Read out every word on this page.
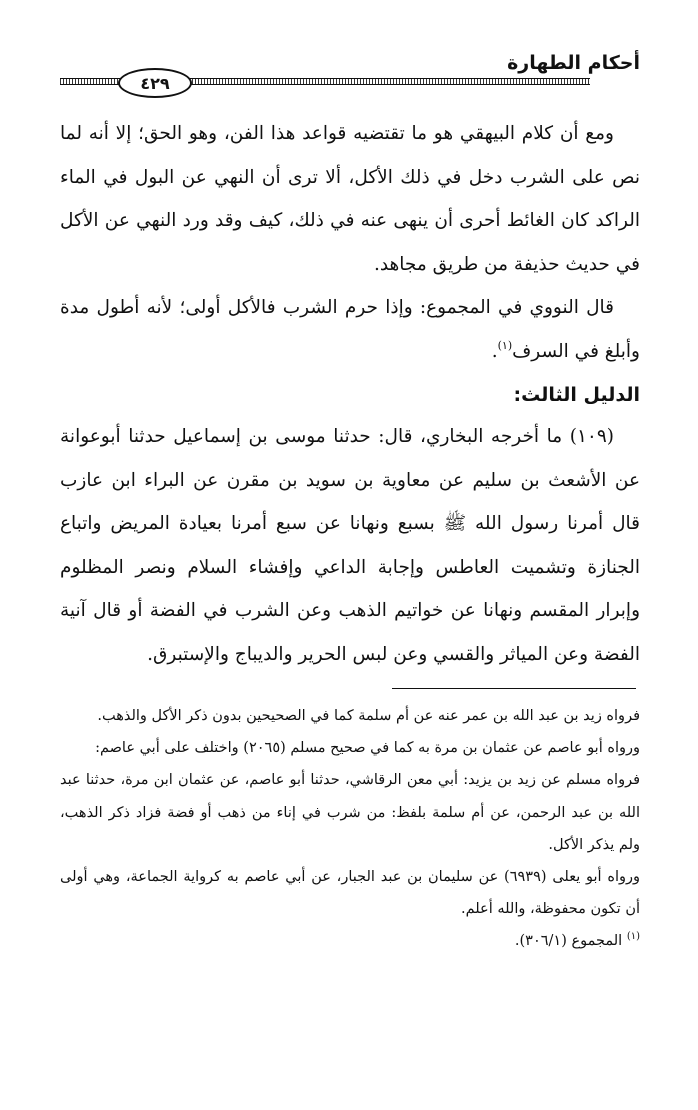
أحكام الطهارة
٤٢٩

ومع أن كلام البيهقي هو ما تقتضيه قواعد هذا الفن، وهو الحق؛ إلا أنه لما نص على الشرب دخل في ذلك الأكل، ألا ترى أن النهي عن البول في الماء الراكد كان الغائط أحرى أن ينهى عنه في ذلك، كيف وقد ورد النهي عن الأكل في حديث حذيفة من طريق مجاهد.

قال النووي في المجموع: وإذا حرم الشرب فالأكل أولى؛ لأنه أطول مدة وأبلغ في السرف$^{(١)}$.

الدليل الثالث:

(١٠٩) ما أخرجه البخاري، قال: حدثنا موسى بن إسماعيل حدثنا أبوعوانة عن الأشعث بن سليم عن معاوية بن سويد بن مقرن عن البراء ابن عازب قال أمرنا رسول الله ﷺ بسبع ونهانا عن سبع أمرنا بعيادة المريض واتباع الجنازة وتشميت العاطس وإجابة الداعي وإفشاء السلام ونصر المظلوم وإبرار المقسم ونهانا عن خواتيم الذهب وعن الشرب في الفضة أو قال آنية الفضة وعن المياثر والقسي وعن لبس الحرير والديباج والإستبرق.

فرواه زيد بن عبد الله بن عمر عنه عن أم سلمة كما في الصحيحين بدون ذكر الأكل والذهب.

ورواه أبو عاصم عن عثمان بن مرة به كما في صحيح مسلم (٢٠٦٥) واختلف على أبي عاصم:

فرواه مسلم عن زيد بن يزيد: أبي معن الرقاشي، حدثنا أبو عاصم، عن عثمان ابن مرة، حدثنا عبد الله بن عبد الرحمن، عن أم سلمة بلفظ: من شرب في إناء من ذهب أو فضة فزاد ذكر الذهب، ولم يذكر الأكل.

ورواه أبو يعلى (٦٩٣٩) عن سليمان بن عبد الجبار، عن أبي عاصم به كرواية الجماعة، وهي أولى أن تكون محفوظة، والله أعلم.

$^{(١)}$ المجموع (٣٠٦/١).
